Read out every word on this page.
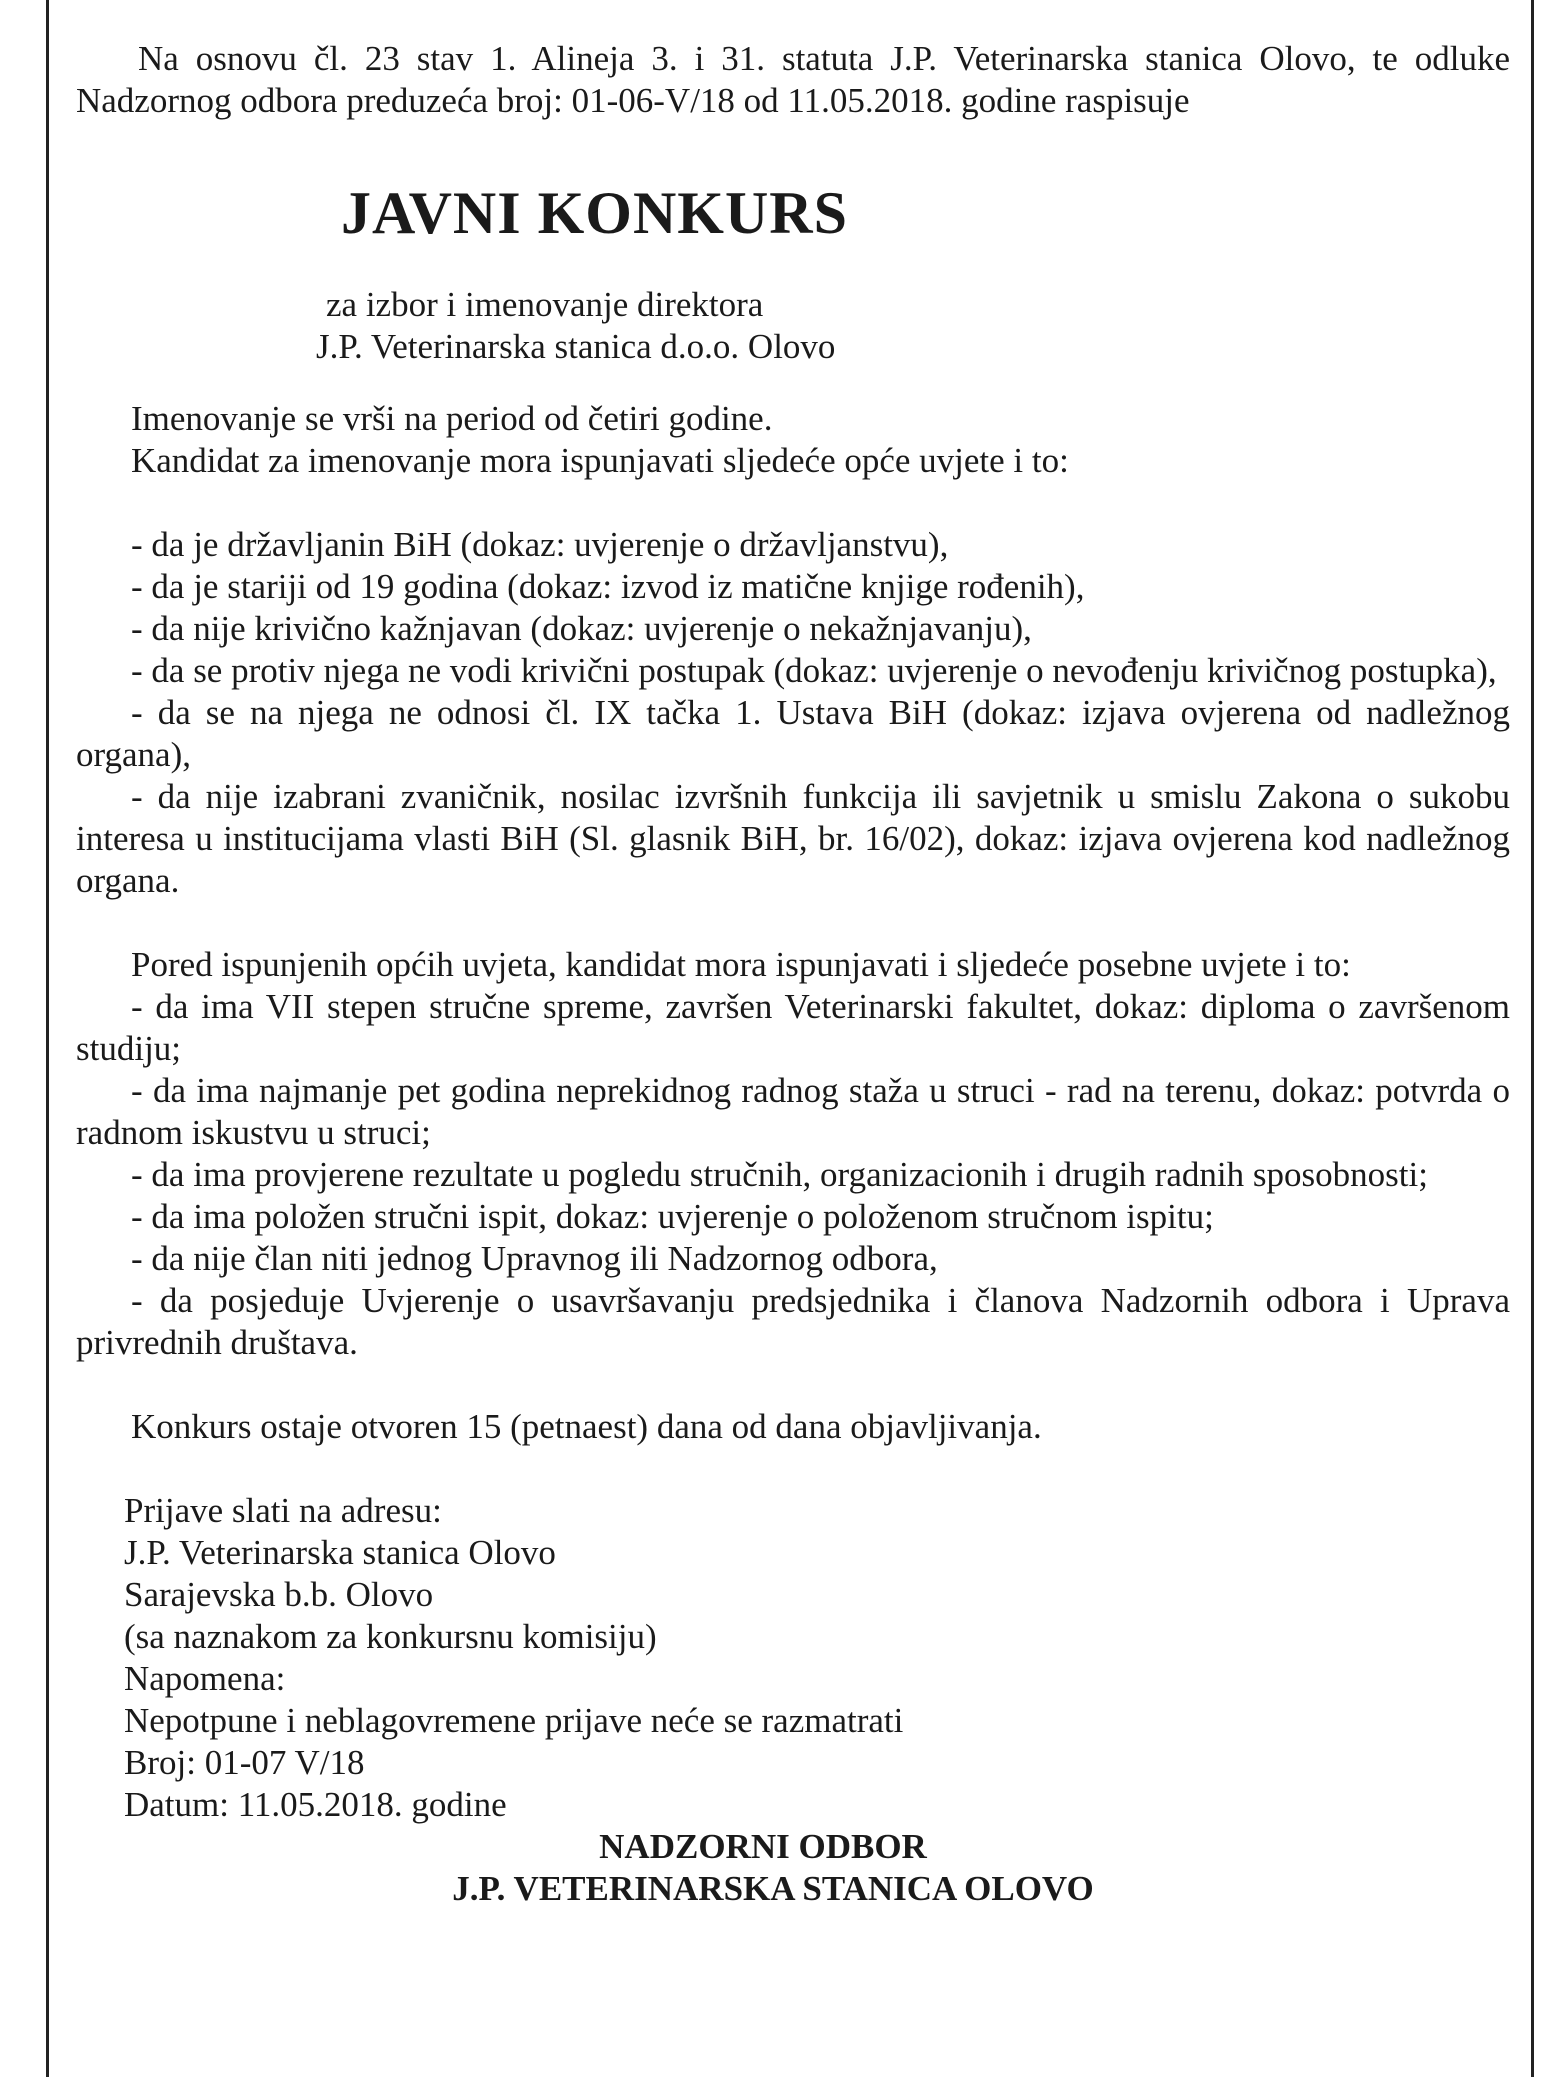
Na osnovu čl. 23 stav 1. Alineja 3. i 31. statuta J.P. Veterinarska stanica Olovo, te odluke Nadzornog odbora preduzeća broj: 01-06-V/18 od 11.05.2018. godine raspisuje

JAVNI KONKURS
za izbor i imenovanje direktora
J.P. Veterinarska stanica d.o.o. Olovo
Imenovanje se vrši na period od četiri godine.
Kandidat za imenovanje mora ispunjavati sljedeće opće uvjete i to:

- da je državljanin BiH (dokaz: uvjerenje o državljanstvu),

- da je stariji od 19 godina (dokaz: izvod iz matične knjige rođenih),

- da nije krivično kažnjavan (dokaz: uvjerenje o nekažnjavanju),

- da se protiv njega ne vodi krivični postupak (dokaz: uvjerenje o nevođenju krivičnog postupka),

- da se na njega ne odnosi čl. IX tačka 1. Ustava BiH (dokaz: izjava ovjerena od nadležnog organa),

- da nije izabrani zvaničnik, nosilac izvršnih funkcija ili savjetnik u smislu Zakona o sukobu interesa u institucijama vlasti BiH (Sl. glasnik BiH, br. 16/02), dokaz: izjava ovjerena kod nadležnog organa.

Pored ispunjenih općih uvjeta, kandidat mora ispunjavati i sljedeće posebne uvjete i to:

- da ima VII stepen stručne spreme, završen Veterinarski fakultet, dokaz: diploma o završenom studiju;

- da ima najmanje pet godina neprekidnog radnog staža u struci - rad na terenu, dokaz: potvrda o radnom iskustvu u struci;

- da ima provjerene rezultate u pogledu stručnih, organizacionih i drugih radnih sposobnosti;

- da ima položen stručni ispit, dokaz: uvjerenje o položenom stručnom ispitu;

- da nije član niti jednog Upravnog ili Nadzornog odbora,

- da posjeduje Uvjerenje o usavršavanju predsjednika i članova Nadzornih odbora i Uprava privrednih društava.

Konkurs ostaje otvoren 15 (petnaest) dana od dana objavljivanja.
Prijave slati na adresu:
J.P. Veterinarska stanica Olovo
Sarajevska b.b. Olovo
(sa naznakom za konkursnu komisiju)
Napomena:
Nepotpune i neblagovremene prijave neće se razmatrati
Broj: 01-07 V/18
Datum: 11.05.2018. godine
NADZORNI ODBOR
J.P. VETERINARSKA STANICA OLOVO
